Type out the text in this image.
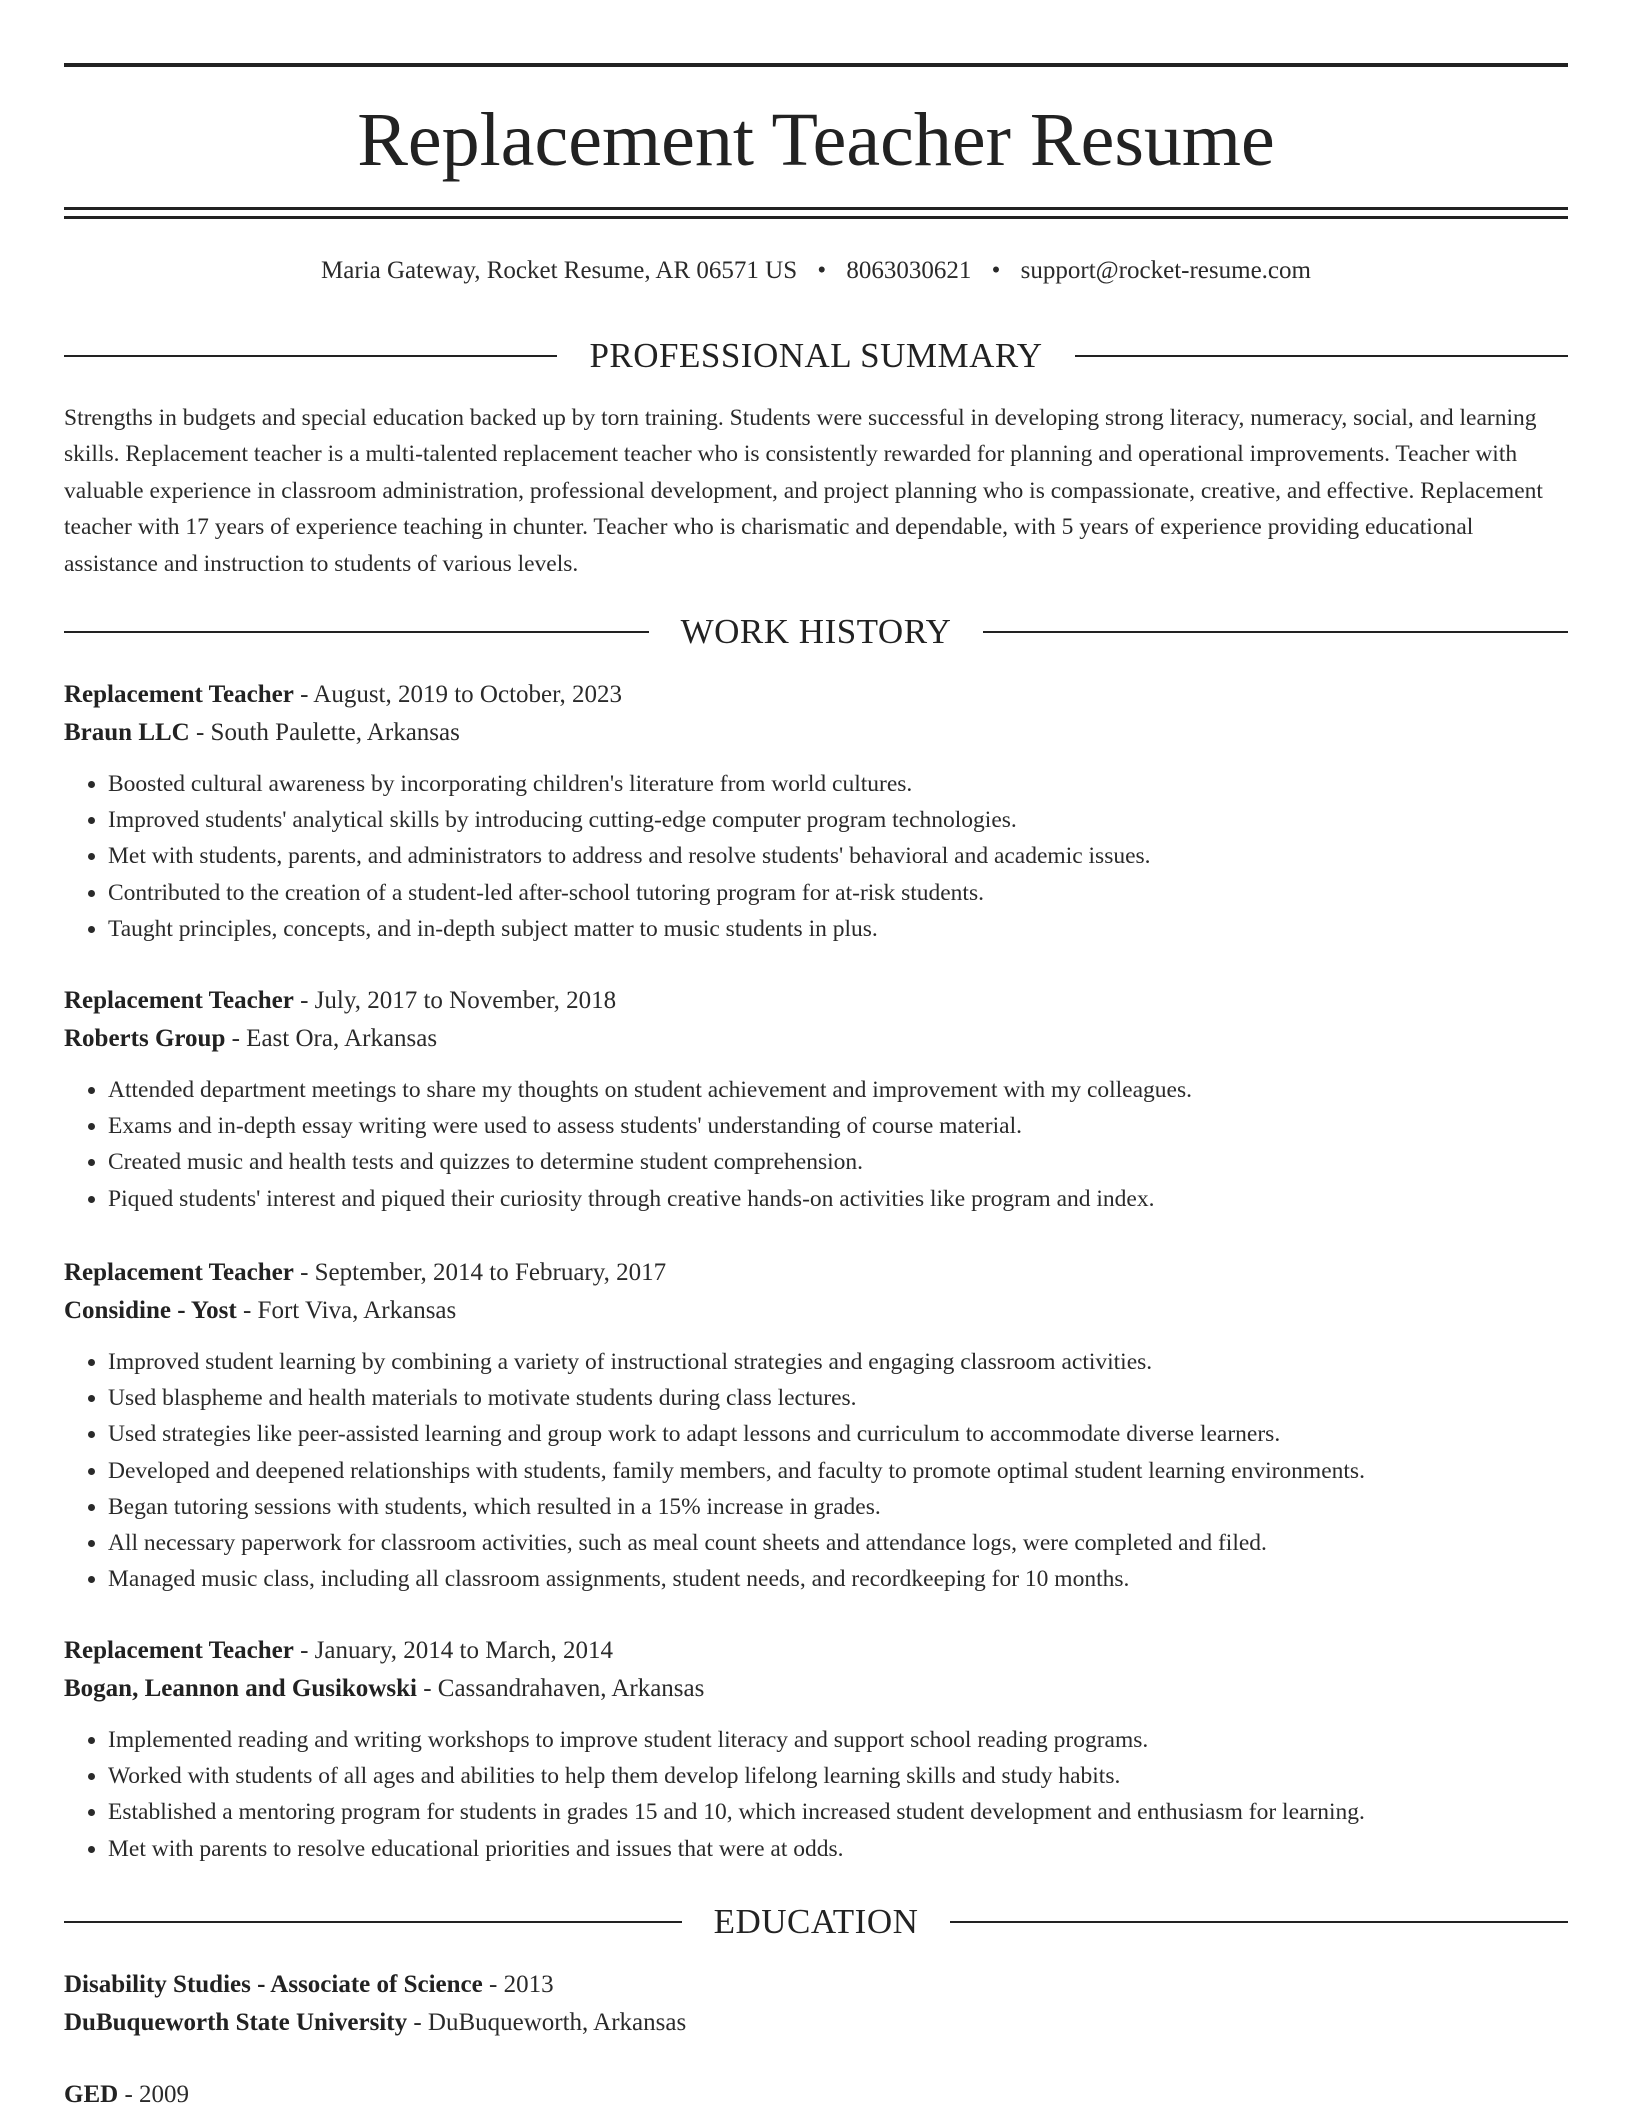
Replacement Teacher Resume
Maria Gateway, Rocket Resume, AR 06571 US • 8063030621 • support@rocket-resume.com
PROFESSIONAL SUMMARY

Strengths in budgets and special education backed up by torn training. Students were successful in developing strong literacy, numeracy, social, and learning skills. Replacement teacher is a multi-talented replacement teacher who is consistently rewarded for planning and operational improvements. Teacher with valuable experience in classroom administration, professional development, and project planning who is compassionate, creative, and effective. Replacement teacher with 17 years of experience teaching in chunter. Teacher who is charismatic and dependable, with 5 years of experience providing educational assistance and instruction to students of various levels.

WORK HISTORY
Replacement Teacher - August, 2019 to October, 2023
Braun LLC - South Paulette, Arkansas
• Boosted cultural awareness by incorporating children's literature from world cultures.
• Improved students' analytical skills by introducing cutting-edge computer program technologies.
• Met with students, parents, and administrators to address and resolve students' behavioral and academic issues.
• Contributed to the creation of a student-led after-school tutoring program for at-risk students.
• Taught principles, concepts, and in-depth subject matter to music students in plus.
Replacement Teacher - July, 2017 to November, 2018
Roberts Group - East Ora, Arkansas
• Attended department meetings to share my thoughts on student achievement and improvement with my colleagues.
• Exams and in-depth essay writing were used to assess students' understanding of course material.
• Created music and health tests and quizzes to determine student comprehension.
• Piqued students' interest and piqued their curiosity through creative hands-on activities like program and index.
Replacement Teacher - September, 2014 to February, 2017
Considine - Yost - Fort Viva, Arkansas
• Improved student learning by combining a variety of instructional strategies and engaging classroom activities.
• Used blaspheme and health materials to motivate students during class lectures.
• Used strategies like peer-assisted learning and group work to adapt lessons and curriculum to accommodate diverse learners.
• Developed and deepened relationships with students, family members, and faculty to promote optimal student learning environments.
• Began tutoring sessions with students, which resulted in a 15% increase in grades.
• All necessary paperwork for classroom activities, such as meal count sheets and attendance logs, were completed and filed.
• Managed music class, including all classroom assignments, student needs, and recordkeeping for 10 months.
Replacement Teacher - January, 2014 to March, 2014
Bogan, Leannon and Gusikowski - Cassandrahaven, Arkansas
• Implemented reading and writing workshops to improve student literacy and support school reading programs.
• Worked with students of all ages and abilities to help them develop lifelong learning skills and study habits.
• Established a mentoring program for students in grades 15 and 10, which increased student development and enthusiasm for learning.
• Met with parents to resolve educational priorities and issues that were at odds.
EDUCATION
Disability Studies - Associate of Science - 2013
DuBuqueworth State University - DuBuqueworth, Arkansas
GED - 2009
